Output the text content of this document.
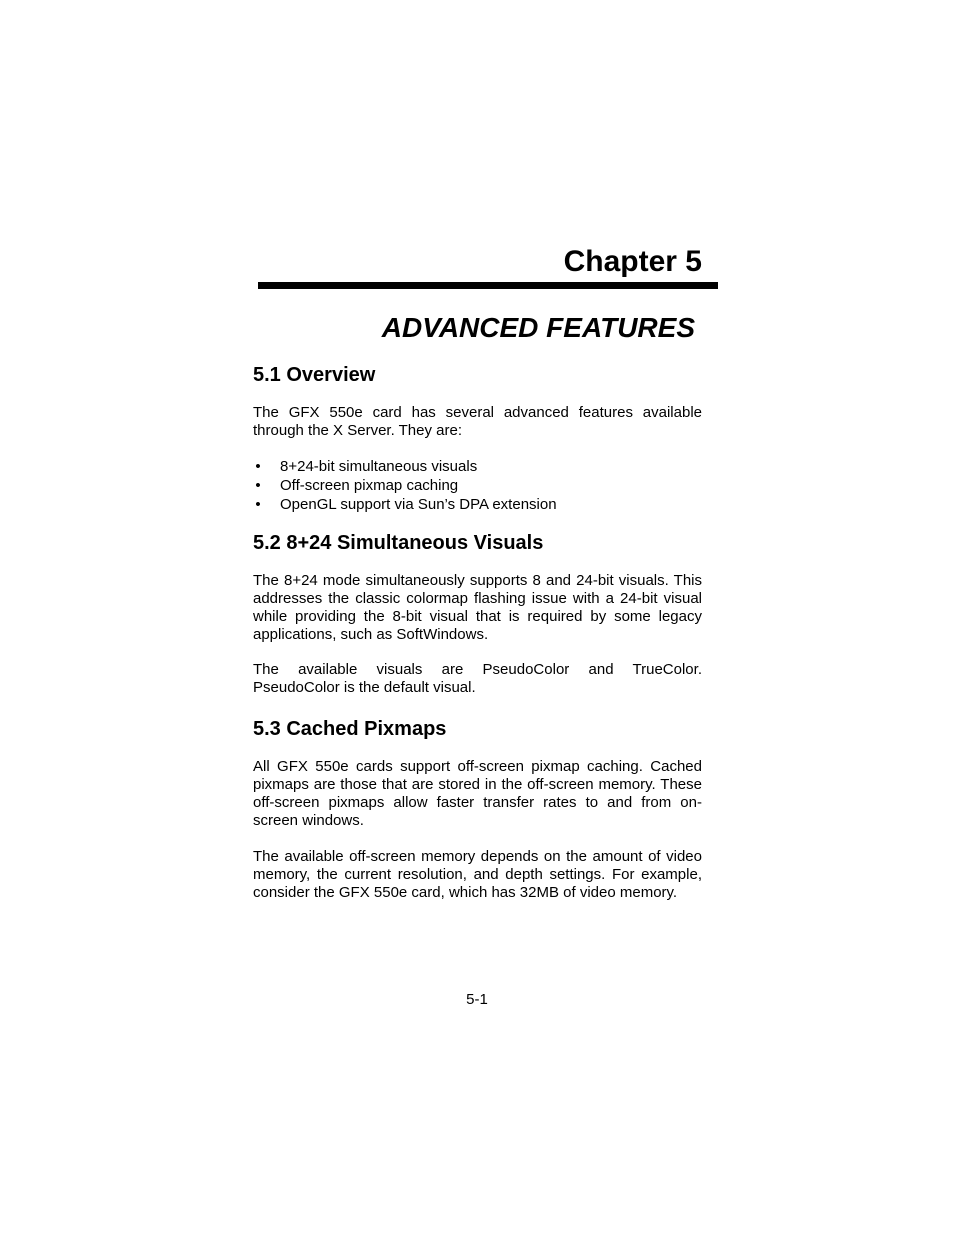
Chapter 5
ADVANCED FEATURES
5.1 Overview

The GFX 550e card has several advanced features available through the X Server. They are:

• 8+24-bit simultaneous visuals
• Off-screen pixmap caching
• OpenGL support via Sun’s DPA extension
5.2 8+24 Simultaneous Visuals

The 8+24 mode simultaneously supports 8 and 24-bit visuals. This addresses the classic colormap flashing issue with a 24-bit visual while providing the 8-bit visual that is required by some legacy applications, such as SoftWindows.

The available visuals are PseudoColor and TrueColor. PseudoColor is the default visual.

5.3 Cached Pixmaps

All GFX 550e cards support off-screen pixmap caching. Cached pixmaps are those that are stored in the off-screen memory. These off-screen pixmaps allow faster transfer rates to and from on-screen windows.

The available off-screen memory depends on the amount of video memory, the current resolution, and depth settings. For example, consider the GFX 550e card, which has 32MB of video memory.

5-1
